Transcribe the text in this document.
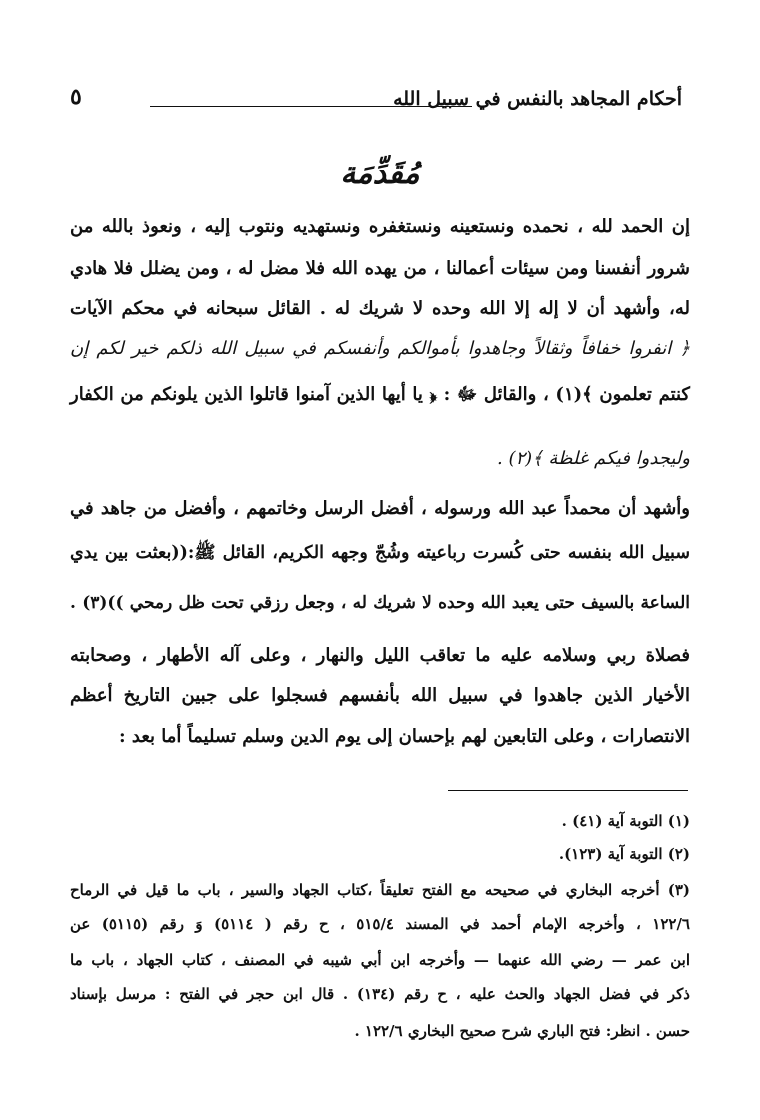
أحكام المجاهد بالنفس في سبيل الله
٥
مُقَدِّمَة
إن الحمد لله ، نحمده ونستعينه ونستغفره ونستهديه ونتوب إليه ، ونعوذ بالله من
شرور أنفسنا ومن سيئات أعمالنا ، من يهده الله فلا مضل له ، ومن يضلل فلا هادي
له، وأشهد أن لا إله إلا الله وحده لا شريك له . القائل سبحانه في محكم الآيات
﴿ انفروا خفافاً وثقالاً وجاهدوا بأموالكم وأنفسكم في سبيل الله ذلكم خير لكم إن
كنتم تعلمون ﴾(١) ، والقائل ﷻ : ﴿ يا أيها الذين آمنوا قاتلوا الذين يلونكم من الكفار
وليجدوا فيكم غلظة ﴾(٢) .
وأشهد أن محمداً عبد الله ورسوله ، أفضل الرسل وخاتمهم ، وأفضل من جاهد في
سبيل الله بنفسه حتى كُسرت رباعيته وشُجّ وجهه الكريم، القائل ﷺ:((بعثت بين يدي
الساعة بالسيف حتى يعبد الله وحده لا شريك له ، وجعل رزقي تحت ظل رمحي ))(٣) .
فصلاة ربي وسلامه عليه ما تعاقب الليل والنهار ، وعلى آله الأطهار ، وصحابته
الأخيار الذين جاهدوا في سبيل الله بأنفسهم فسجلوا على جبين التاريخ أعظم
الانتصارات ، وعلى التابعين لهم بإحسان إلى يوم الدين وسلم تسليماً أما بعد :
(١) التوبة آية (٤١) .
(٢) التوبة آية (١٢٣).
(٣) أخرجه البخاري في صحيحه مع الفتح تعليقاً ،كتاب الجهاد والسير ، باب ما قيل في الرماح
١٢٢/٦ ، وأخرجه الإمام أحمد في المسند ٥١٥/٤ ، ح رقم ( ٥١١٤) وَ رقم (٥١١٥) عن
ابن عمر — رضي الله عنهما — وأخرجه ابن أبي شيبه في المصنف ، كتاب الجهاد ، باب ما
ذكر في فضل الجهاد والحث عليه ، ح رقم (١٣٤) . قال ابن حجر في الفتح : مرسل بإسناد
حسن . انظر: فتح الباري شرح صحيح البخاري ١٢٢/٦ .
